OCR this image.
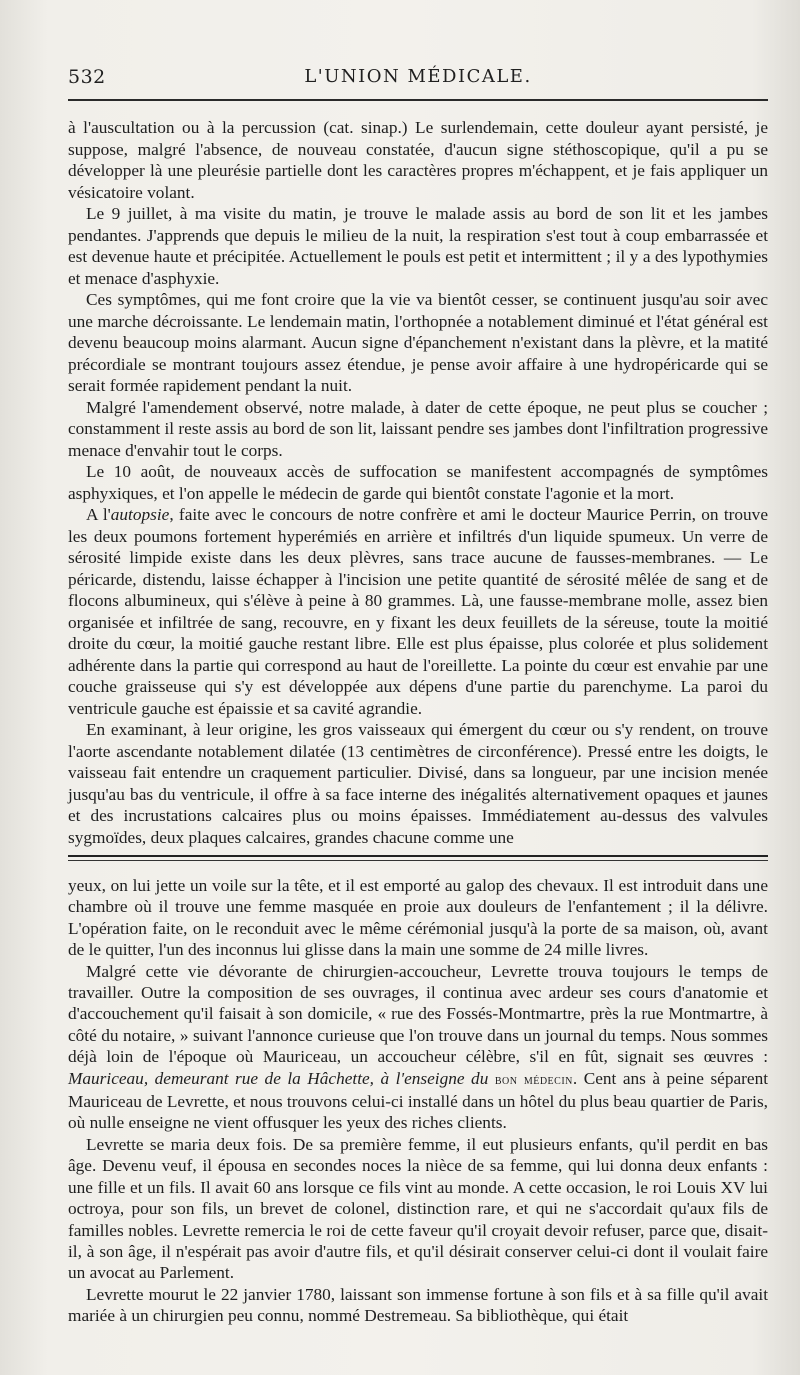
532	L'UNION MÉDICALE.

à l'auscultation ou à la percussion (cat. sinap.) Le surlendemain, cette douleur ayant persisté, je suppose, malgré l'absence, de nouveau constatée, d'aucun signe stéthoscopique, qu'il a pu se développer là une pleurésie partielle dont les caractères propres m'échappent, et je fais appliquer un vésicatoire volant.

Le 9 juillet, à ma visite du matin, je trouve le malade assis au bord de son lit et les jambes pendantes. J'apprends que depuis le milieu de la nuit, la respiration s'est tout à coup embarrassée et est devenue haute et précipitée. Actuellement le pouls est petit et intermittent ; il y a des lypothymies et menace d'asphyxie.

Ces symptômes, qui me font croire que la vie va bientôt cesser, se continuent jusqu'au soir avec une marche décroissante. Le lendemain matin, l'orthopnée a notablement diminué et l'état général est devenu beaucoup moins alarmant. Aucun signe d'épanchement n'existant dans la plèvre, et la matité précordiale se montrant toujours assez étendue, je pense avoir affaire à une hydropéricarde qui se serait formée rapidement pendant la nuit.

Malgré l'amendement observé, notre malade, à dater de cette époque, ne peut plus se coucher ; constamment il reste assis au bord de son lit, laissant pendre ses jambes dont l'infiltration progressive menace d'envahir tout le corps.

Le 10 août, de nouveaux accès de suffocation se manifestent accompagnés de symptômes asphyxiques, et l'on appelle le médecin de garde qui bientôt constate l'agonie et la mort.

A l'autopsie, faite avec le concours de notre confrère et ami le docteur Maurice Perrin, on trouve les deux poumons fortement hyperémiés en arrière et infiltrés d'un liquide spumeux. Un verre de sérosité limpide existe dans les deux plèvres, sans trace aucune de fausses-membranes. — Le péricarde, distendu, laisse échapper à l'incision une petite quantité de sérosité mêlée de sang et de flocons albumineux, qui s'élève à peine à 80 grammes. Là, une fausse-membrane molle, assez bien organisée et infiltrée de sang, recouvre, en y fixant les deux feuillets de la séreuse, toute la moitié droite du cœur, la moitié gauche restant libre. Elle est plus épaisse, plus colorée et plus solidement adhérente dans la partie qui correspond au haut de l'oreillette. La pointe du cœur est envahie par une couche graisseuse qui s'y est développée aux dépens d'une partie du parenchyme. La paroi du ventricule gauche est épaissie et sa cavité agrandie.

En examinant, à leur origine, les gros vaisseaux qui émergent du cœur ou s'y rendent, on trouve l'aorte ascendante notablement dilatée (13 centimètres de circonférence). Pressé entre les doigts, le vaisseau fait entendre un craquement particulier. Divisé, dans sa longueur, par une incision menée jusqu'au bas du ventricule, il offre à sa face interne des inégalités alternativement opaques et jaunes et des incrustations calcaires plus ou moins épaisses. Immédiatement au-dessus des valvules sygmoïdes, deux plaques calcaires, grandes chacune comme une

yeux, on lui jette un voile sur la tête, et il est emporté au galop des chevaux. Il est introduit dans une chambre où il trouve une femme masquée en proie aux douleurs de l'enfantement ; il la délivre. L'opération faite, on le reconduit avec le même cérémonial jusqu'à la porte de sa maison, où, avant de le quitter, l'un des inconnus lui glisse dans la main une somme de 24 mille livres.

Malgré cette vie dévorante de chirurgien-accoucheur, Levrette trouva toujours le temps de travailler. Outre la composition de ses ouvrages, il continua avec ardeur ses cours d'anatomie et d'accouchement qu'il faisait à son domicile, « rue des Fossés-Montmartre, près la rue Montmartre, à côté du notaire, » suivant l'annonce curieuse que l'on trouve dans un journal du temps. Nous sommes déjà loin de l'époque où Mauriceau, un accoucheur célèbre, s'il en fût, signait ses œuvres : Mauriceau, demeurant rue de la Hâchette, à l'enseigne du bon médecin. Cent ans à peine séparent Mauriceau de Levrette, et nous trouvons celui-ci installé dans un hôtel du plus beau quartier de Paris, où nulle enseigne ne vient offusquer les yeux des riches clients.

Levrette se maria deux fois. De sa première femme, il eut plusieurs enfants, qu'il perdit en bas âge. Devenu veuf, il épousa en secondes noces la nièce de sa femme, qui lui donna deux enfants : une fille et un fils. Il avait 60 ans lorsque ce fils vint au monde. A cette occasion, le roi Louis XV lui octroya, pour son fils, un brevet de colonel, distinction rare, et qui ne s'accordait qu'aux fils de familles nobles. Levrette remercia le roi de cette faveur qu'il croyait devoir refuser, parce que, disait-il, à son âge, il n'espérait pas avoir d'autre fils, et qu'il désirait conserver celui-ci dont il voulait faire un avocat au Parlement.

Levrette mourut le 22 janvier 1780, laissant son immense fortune à son fils et à sa fille qu'il avait mariée à un chirurgien peu connu, nommé Destremeau. Sa bibliothèque, qui était
